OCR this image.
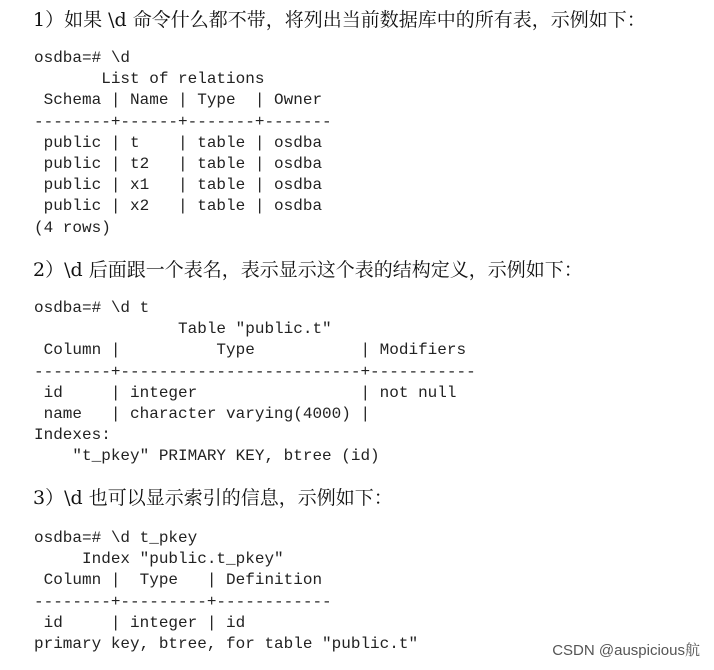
1）如果 \d 命令什么都不带，将列出当前数据库中的所有表，示例如下：
osdba=# \d
List of relations
Schema | Name | Type  | Owner
--------+------+-------+-------
public | t    | table | osdba
public | t2   | table | osdba
public | x1   | table | osdba
public | x2   | table | osdba
(4 rows)
2）\d 后面跟一个表名，表示显示这个表的结构定义，示例如下：
osdba=# \d t
Table "public.t"
Column |          Type           | Modifiers
--------+-------------------------+-----------
id     | integer                 | not null
name   | character varying(4000) |
Indexes:
"t_pkey" PRIMARY KEY, btree (id)
3）\d 也可以显示索引的信息，示例如下：
osdba=# \d t_pkey
Index "public.t_pkey"
Column |  Type   | Definition
--------+---------+------------
id     | integer | id
primary key, btree, for table "public.t"	CSDN @auspicious航
